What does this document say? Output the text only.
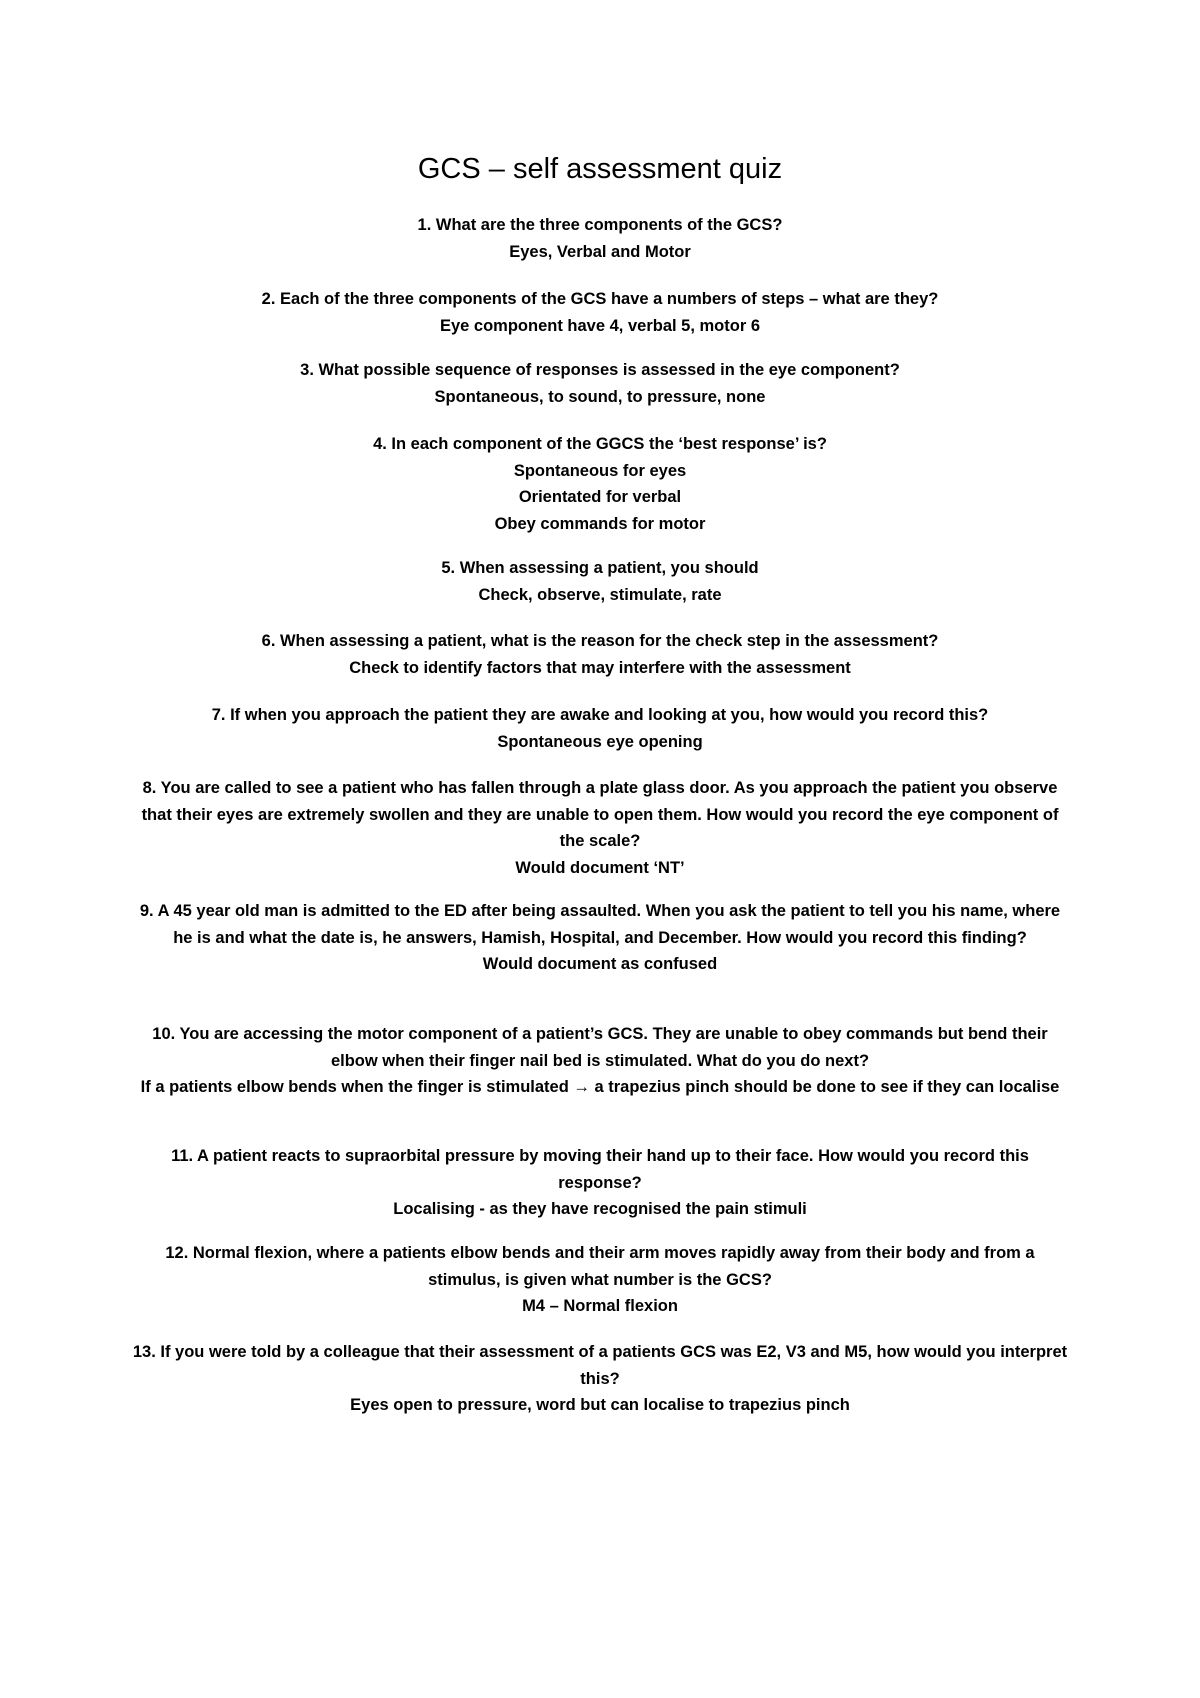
GCS – self assessment quiz
1. What are the three components of the GCS?
Eyes, Verbal and Motor
2. Each of the three components of the GCS have a numbers of steps – what are they?
Eye component have 4, verbal 5, motor 6
3. What possible sequence of responses is assessed in the eye component?
Spontaneous, to sound, to pressure, none
4. In each component of the GGCS the ‘best response’ is?
Spontaneous for eyes
Orientated for verbal
Obey commands for motor
5. When assessing a patient, you should
Check, observe, stimulate, rate
6. When assessing a patient, what is the reason for the check step in the assessment?
Check to identify factors that may interfere with the assessment
7. If when you approach the patient they are awake and looking at you, how would you record this?
Spontaneous eye opening
8. You are called to see a patient who has fallen through a plate glass door. As you approach the patient you observe that their eyes are extremely swollen and they are unable to open them. How would you record the eye component of the scale?
Would document ‘NT’
9. A 45 year old man is admitted to the ED after being assaulted. When you ask the patient to tell you his name, where he is and what the date is, he answers, Hamish, Hospital, and December. How would you record this finding?
Would document as confused
10. You are accessing the motor component of a patient’s GCS. They are unable to obey commands but bend their elbow when their finger nail bed is stimulated. What do you do next?
If a patients elbow bends when the finger is stimulated → a trapezius pinch should be done to see if they can localise
11. A patient reacts to supraorbital pressure by moving their hand up to their face. How would you record this response?
Localising - as they have recognised the pain stimuli
12. Normal flexion, where a patients elbow bends and their arm moves rapidly away from their body and from a stimulus, is given what number is the GCS?
M4 – Normal flexion
13. If you were told by a colleague that their assessment of a patients GCS was E2, V3 and M5, how would you interpret this?
Eyes open to pressure, word but can localise to trapezius pinch
